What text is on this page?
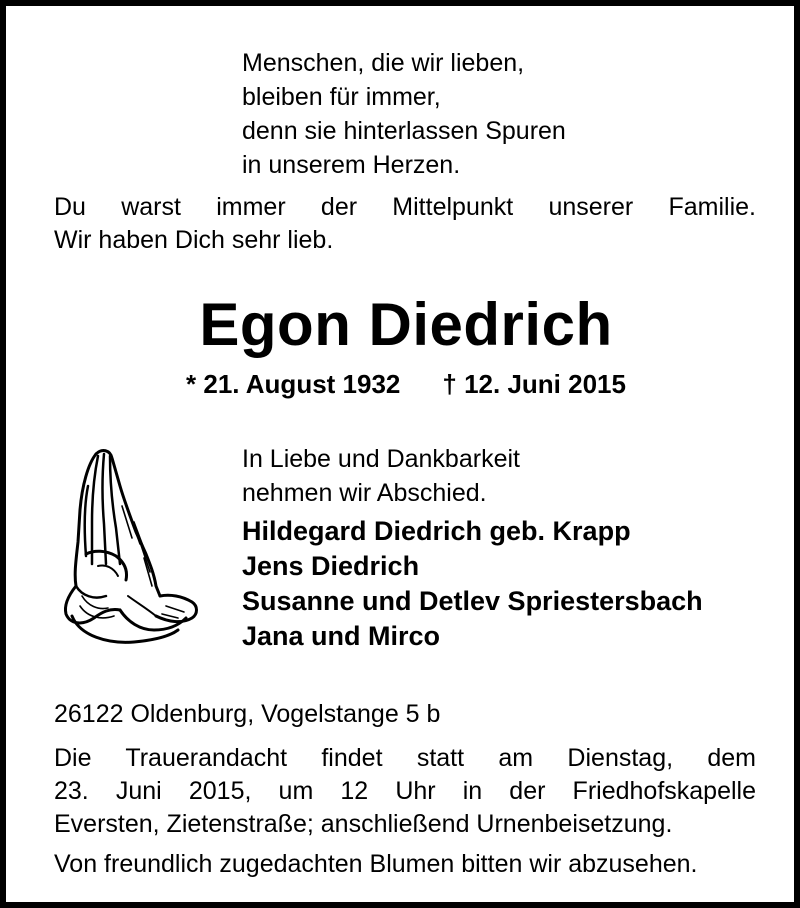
Menschen, die wir lieben,
bleiben für immer,
denn sie hinterlassen Spuren
in unserem Herzen.
Du warst immer der Mittelpunkt unserer Familie.
Wir haben Dich sehr lieb.
Egon Diedrich
* 21. August 1932 † 12. Juni 2015
In Liebe und Dankbarkeit
nehmen wir Abschied.
Hildegard Diedrich geb. Krapp
Jens Diedrich
Susanne und Detlev Spriestersbach
Jana und Mirco
26122 Oldenburg, Vogelstange 5 b
Die Trauerandacht findet statt am Dienstag, dem
23. Juni 2015, um 12 Uhr in der Friedhofskapelle
Eversten, Zietenstraße; anschließend Urnenbeisetzung.
Von freundlich zugedachten Blumen bitten wir abzusehen.
